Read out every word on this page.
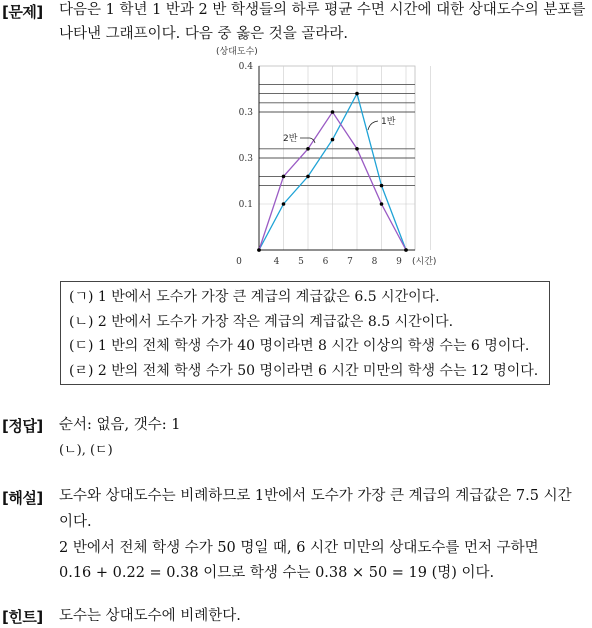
[문제] 다음은 1 학년 1 반과 2 반 학생들의 하루 평균 수면 시간에 대한 상대도수의 분포를
나타낸 그래프이다. 다음 중 옳은 것을 골라라.
0.1
0.3
0.3
0.4
0	4 5 6 7 8 9
(상대도수)
(시간)
1반
2반
(ㄱ) 1 반에서 도수가 가장 큰 계급의 계급값은 6.5 시간이다.
(ㄴ) 2 반에서 도수가 가장 작은 계급의 계급값은 8.5 시간이다.
(ㄷ) 1 반의 전체 학생 수가 40 명이라면 8 시간 이상의 학생 수는 6 명이다.
(ㄹ) 2 반의 전체 학생 수가 50 명이라면 6 시간 미만의 학생 수는 12 명이다.
[정답] 순서: 없음, 갯수: 1
(ㄴ), (ㄷ)
[해설] 도수와 상대도수는 비례하므로 1반에서 도수가 가장 큰 계급의 계급값은 7.5 시간
이다.
2 반에서 전체 학생 수가 50 명일 때, 6 시간 미만의 상대도수를 먼저 구하면
0.16 + 0.22 = 0.38 이므로 학생 수는 0.38 × 50 = 19 (명) 이다.
[힌트] 도수는 상대도수에 비례한다.
